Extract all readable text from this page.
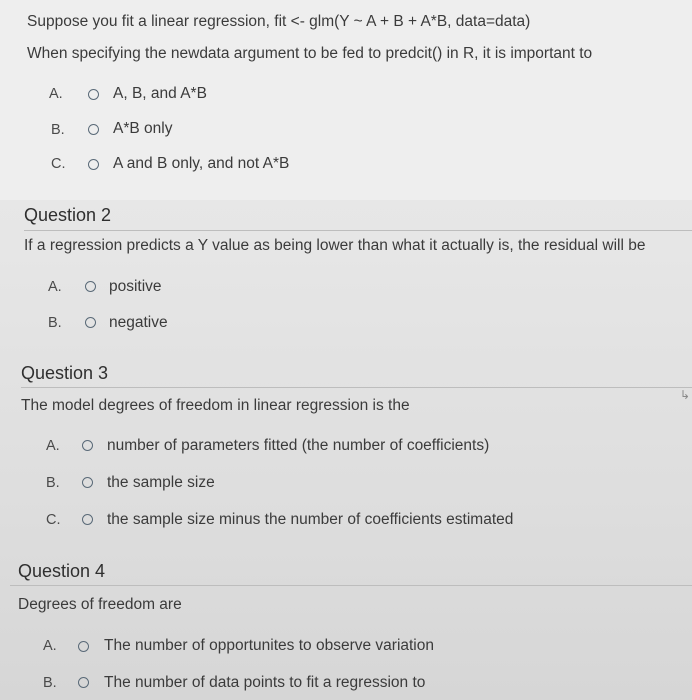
Suppose you fit a linear regression, fit <- glm(Y ~ A + B + A*B, data=data)
When specifying the newdata argument to be fed to predcit() in R, it is important to
A.	A, B, and A*B
B.	A*B only
C.	A and B only, and not A*B
Question 2
If a regression predicts a Y value as being lower than what it actually is, the residual will be
A.	positive
B.	negative
Question 3
The model degrees of freedom in linear regression is the
A.	number of parameters fitted (the number of coefficients)
B.	the sample size
C.	the sample size minus the number of coefficients estimated
Question 4
Degrees of freedom are
A.	The number of opportunites to observe variation
B.	The number of data points to fit a regression to
↳
